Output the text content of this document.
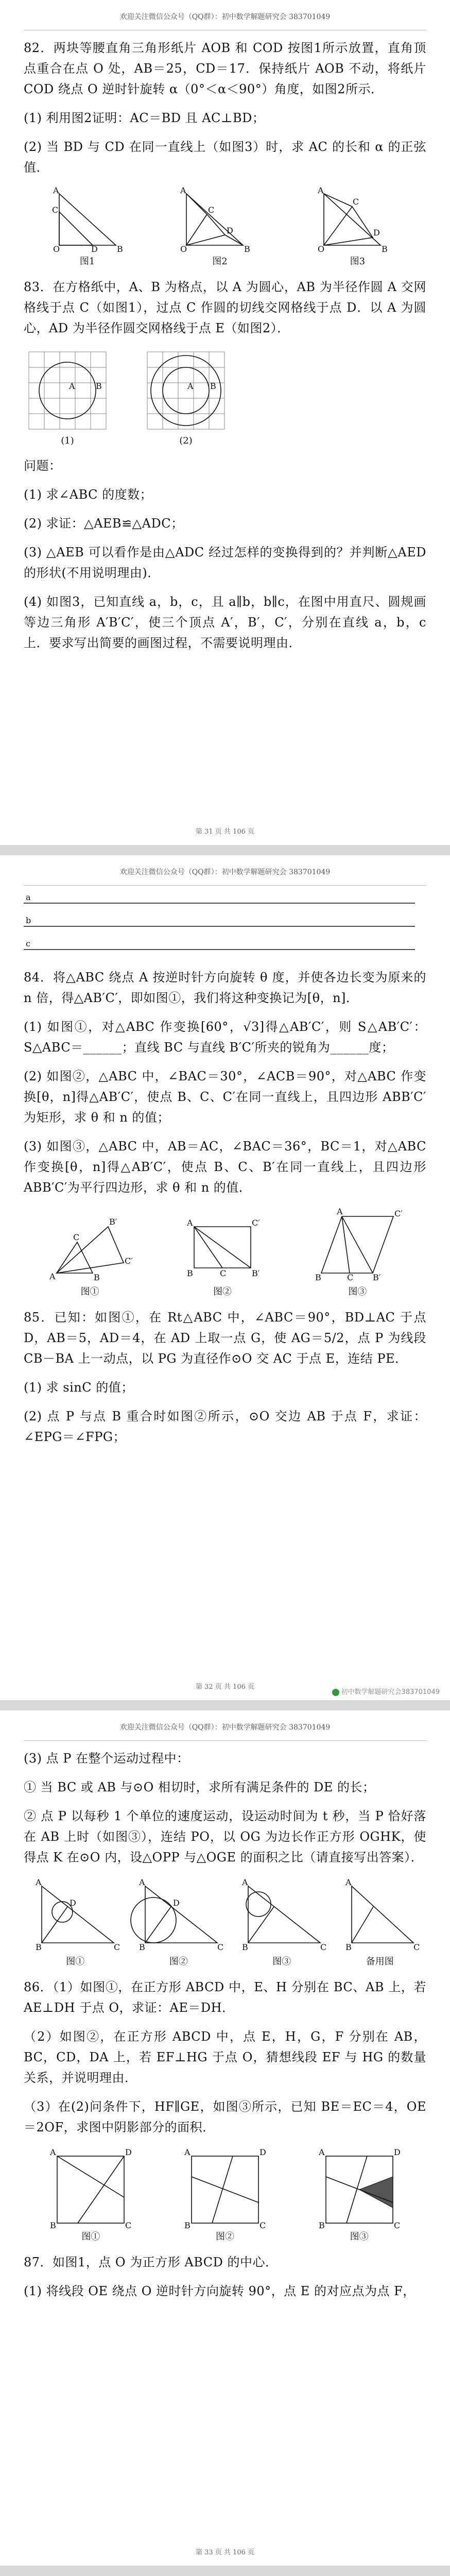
欢迎关注微信公众号（QQ群）：初中数学解题研究会 383701049

82．两块等腰直角三角形纸片 AOB 和 COD 按图1所示放置，直角顶点重合在点 O 处，AB＝25，CD＝17．保持纸片 AOB 不动，将纸片 COD 绕点 O 逆时针旋转 α（0°＜α＜90°）角度，如图2所示．

(1) 利用图2证明：AC＝BD 且 AC⊥BD；

(2) 当 BD 与 CD 在同一直线上（如图3）时，求 AC 的长和 α 的正弦值．

A
O	B
C
D
图1
A
O	B
C
D
图2
A
O	B
C
D
图3

83．在方格纸中，A、B 为格点，以 A 为圆心，AB 为半径作圆 A 交网格线于点 C（如图1），过点 C 作圆的切线交网格线于点 D．以 A 为圆心，AD 为半径作圆交网格线于点 E（如图2）．

A	B
(1)
A B
(2)

问题：

(1) 求∠ABC 的度数；

(2) 求证：△AEB≌△ADC；

(3) △AEB 可以看作是由△ADC 经过怎样的变换得到的？并判断△AED 的形状(不用说明理由)．

(4) 如图3，已知直线 a，b，c，且 a∥b，b∥c，在图中用直尺、圆规画等边三角形 A′B′C′，使三个顶点 A′，B′，C′，分别在直线 a，b，c 上．要求写出简要的画图过程，不需要说明理由．

第 31 页 共 106 页
欢迎关注微信公众号（QQ群）：初中数学解题研究会 383701049
a
b
c

84．将△ABC 绕点 A 按逆时针方向旋转 θ 度，并使各边长变为原来的 n 倍，得△AB′C′，即如图①，我们将这种变换记为[θ，n]．

(1) 如图①，对△ABC 作变换[60°，√3]得△AB′C′，则 S△AB′C′：S△ABC＝______；直线 BC 与直线 B′C′所夹的锐角为______度；

(2) 如图②，△ABC 中，∠BAC＝30°，∠ACB＝90°，对△ABC 作变换[θ，n]得△AB′C′，使点 B、C、C′在同一直线上，且四边形 ABB′C′为矩形，求 θ 和 n 的值；

(3) 如图③，△ABC 中，AB＝AC，∠BAC＝36°，BC＝1，对△ABC 作变换[θ，n]得△AB′C′，使点 B、C、B′在同一直线上，且四边形 ABB′C′为平行四边形，求 θ 和 n 的值．

A	B
C
B′
C′
图①
A	C′
B	C	B′
图②
A	C′
B	C B′
图③

85．已知：如图①，在 Rt△ABC 中，∠ABC＝90°，BD⊥AC 于点 D，AB＝5，AD＝4，在 AD 上取一点 G，使 AG＝5/2，点 P 为线段 CB－BA 上一动点，以 PG 为直径作⊙O 交 AC 于点 E，连结 PE．

(1) 求 sinC 的值；

(2) 点 P 与点 B 重合时如图②所示，⊙O 交边 AB 于点 F，求证：∠EPG＝∠FPG；

第 32 页 共 106 页
初中数学解题研究会383701049
欢迎关注微信公众号（QQ群）：初中数学解题研究会 383701049

(3) 点 P 在整个运动过程中：

① 当 BC 或 AB 与⊙O 相切时，求所有满足条件的 DE 的长；

② 点 P 以每秒 1 个单位的速度运动，设运动时间为 t 秒，当 P 恰好落在 AB 上时（如图③），连结 PO，以 OG 为边长作正方形 OGHK，使得点 K 在⊙O 内，设△OPP 与△OGE 的面积之比（请直接写出答案）．

A
B	C
D
图①
A
B	C
D
图②
A
B	C
图③
A
B	C
备用图

86．（1）如图①，在正方形 ABCD 中，E、H 分别在 BC、AB 上，若 AE⊥DH 于点 O，求证：AE＝DH．

（2）如图②，在正方形 ABCD 中，点 E，H，G，F 分别在 AB，BC，CD，DA 上，若 EF⊥HG 于点 O，猜想线段 EF 与 HG 的数量关系，并说明理由．

（3）在(2)问条件下，HF∥GE，如图③所示，已知 BE＝EC＝4，OE＝2OF，求图中阴影部分的面积．

A	D
B	C
图①
A	D
B	C
图②
A	D
B	C
图③

87．如图1，点 O 为正方形 ABCD 的中心．

(1) 将线段 OE 绕点 O 逆时针方向旋转 90°，点 E 的对应点为点 F，

第 33 页 共 106 页
